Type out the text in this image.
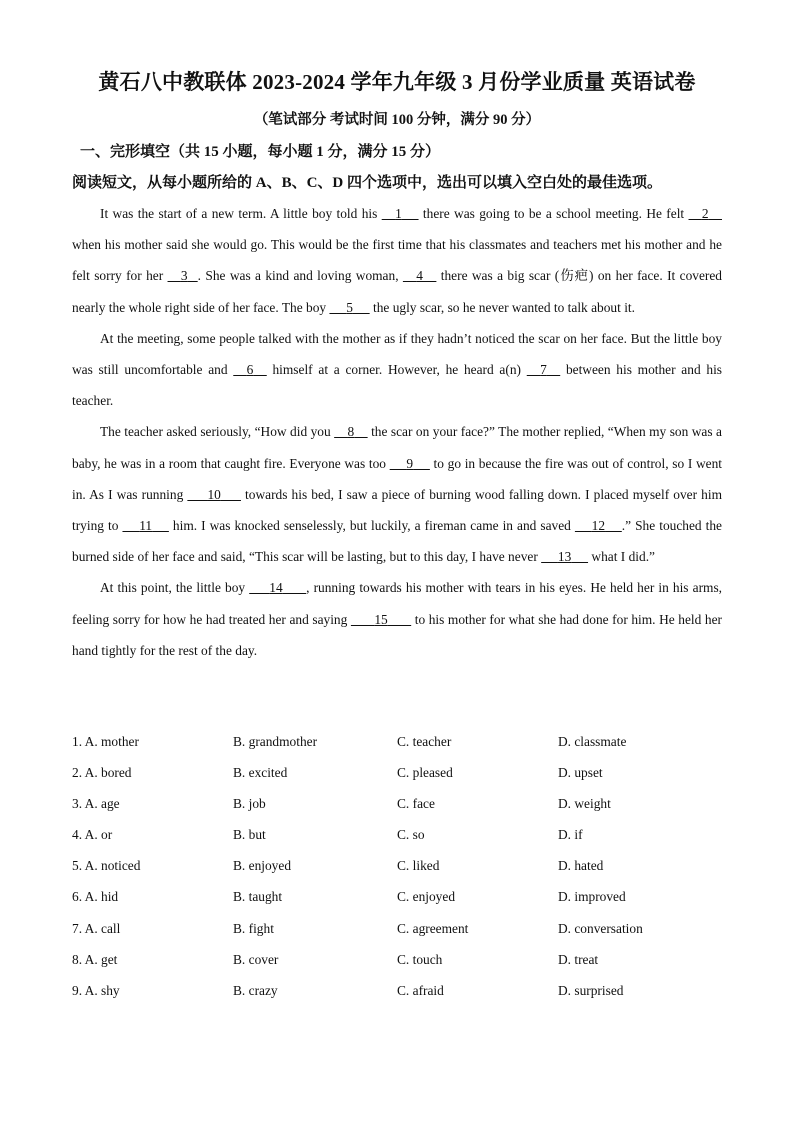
黄石八中教联体 2023-2024 学年九年级 3 月份学业质量 英语试卷
（笔试部分 考试时间 100 分钟，满分 90 分）
一、完形填空（共 15 小题，每小题 1 分，满分 15 分）
阅读短文，从每小题所给的 A、B、C、D 四个选项中，选出可以填入空白处的最佳选项。

It was the start of a new term. A little boy told his     1      there was going to be a school meeting. He felt     2     when his mother said she would go. This would be the first time that his classmates and teachers met his mother and he felt sorry for her     3 . She was a kind and loving woman,     4     there was a big scar (伤疤) on her face. It covered nearly the whole right side of her face. The boy      5      the ugly scar, so he never wanted to talk about it.

At the meeting, some people talked with the mother as if they hadn’t noticed the scar on her face. But the little boy was still uncomfortable and     6     himself at a corner. However, he heard a(n)     7     between his mother and his teacher.

The teacher asked seriously, “How did you     8     the scar on your face?” The mother replied, “When my son was a baby, he was in a room that caught fire. Everyone was too      9      to go in because the fire was out of control, so I went in. As I was running       10       towards his bed, I saw a piece of burning wood falling down. I placed myself over him trying to      11      him. I was knocked senselessly, but luckily, a fireman came in and saved      12 .” She touched the burned side of her face and said, “This scar will be lasting, but to this day, I have never      13      what I did.”

At this point, the little boy       14 , running towards his mother with tears in his eyes. He held her in his arms, feeling sorry for how he had treated her and saying        15        to his mother for what she had done for him. He held her hand tightly for the rest of the day.

1. A. mother	B. grandmother	C. teacher	D. classmate
2. A. bored	B. excited	C. pleased	D. upset
3. A. age	B. job	C. face	D. weight
4. A. or	B. but	C. so	D. if
5. A. noticed	B. enjoyed	C. liked	D. hated
6. A. hid	B. taught	C. enjoyed	D. improved
7. A. call	B. fight	C. agreement	D. conversation
8. A. get	B. cover	C. touch	D. treat
9. A. shy	B. crazy	C. afraid	D. surprised
